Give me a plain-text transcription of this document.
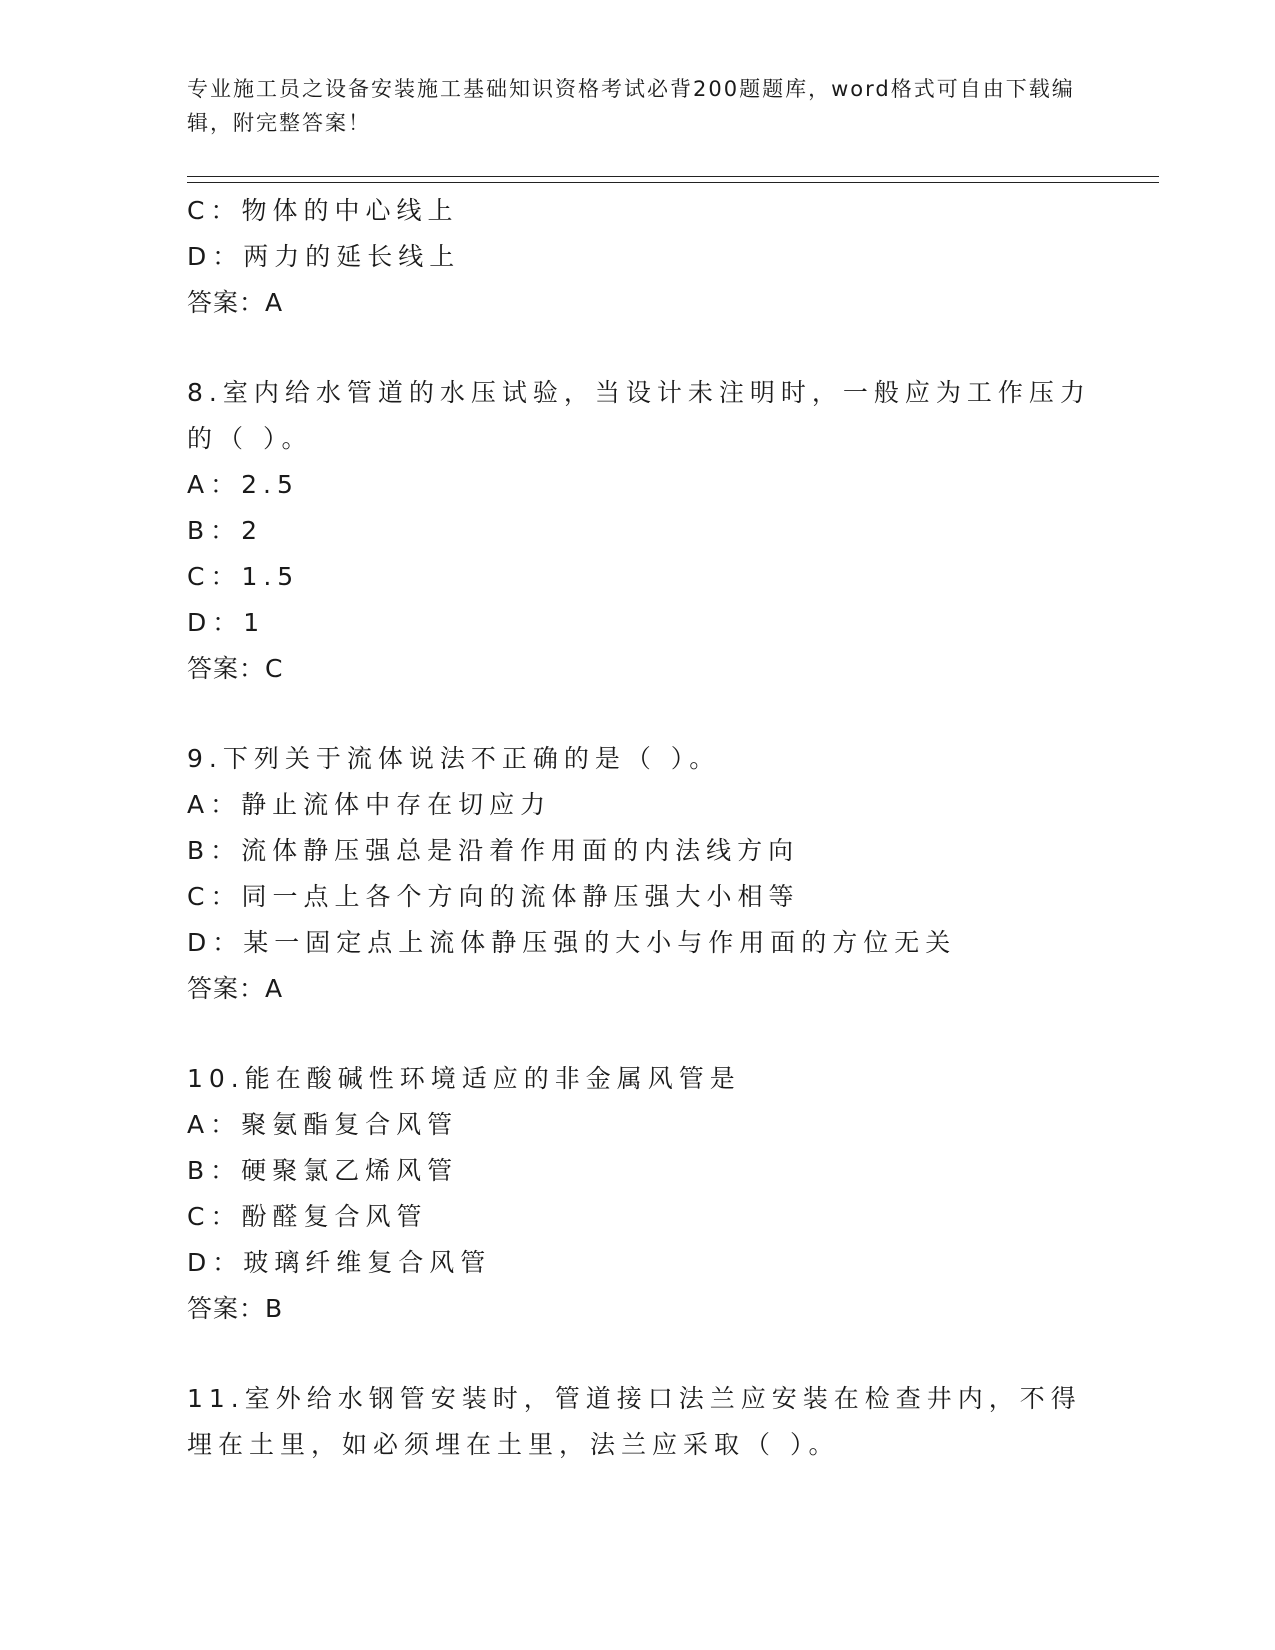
专业施工员之设备安装施工基础知识资格考试必背200题题库，word格式可自由下载编辑，附完整答案！
C：物体的中心线上
D：两力的延长线上
答案：A
8.室内给水管道的水压试验，当设计未注明时，一般应为工作压力的（ ）。
A：2.5
B：2
C：1.5
D：1
答案：C
9.下列关于流体说法不正确的是（ ）。
A：静止流体中存在切应力
B：流体静压强总是沿着作用面的内法线方向
C：同一点上各个方向的流体静压强大小相等
D：某一固定点上流体静压强的大小与作用面的方位无关
答案：A
10.能在酸碱性环境适应的非金属风管是
A：聚氨酯复合风管
B：硬聚氯乙烯风管
C：酚醛复合风管
D：玻璃纤维复合风管
答案：B
11.室外给水钢管安装时，管道接口法兰应安装在检查井内，不得埋在土里，如必须埋在土里，法兰应采取（ ）。
